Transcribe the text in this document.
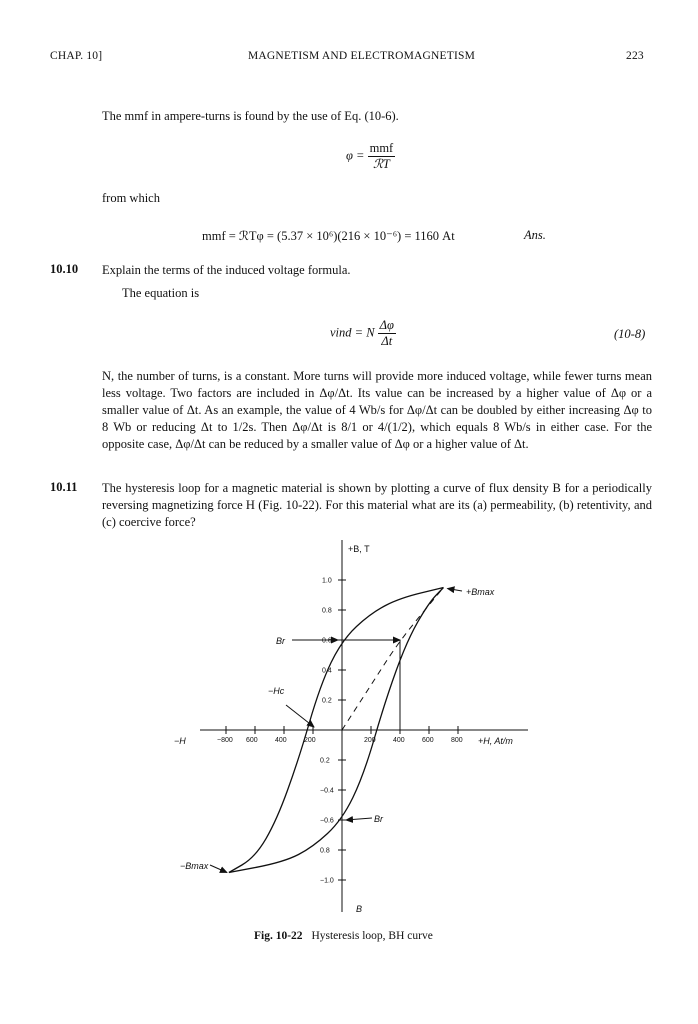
CHAP. 10]	MAGNETISM AND ELECTROMAGNETISM	223
The mmf in ampere-turns is found by the use of Eq. (10-6).
$\varphi = \frac{\text{mmf}}{\text{ℛT}}$
from which
mmf = ℛTφ = (5.37 × 10⁶)(216 × 10⁻⁶) = 1160 At	Ans.
10.10 Explain the terms of the induced voltage formula.
The equation is
vind = N $\frac{\Delta\varphi}{\Delta t}$	(10-8)
N, the number of turns, is a constant. More turns will provide more induced voltage, while fewer turns mean less voltage. Two factors are included in Δφ/Δt. Its value can be increased by a higher value of Δφ or a smaller value of Δt. As an example, the value of 4 Wb/s for Δφ/Δt can be doubled by either increasing Δφ to 8 Wb or reducing Δt to 1/2s. Then Δφ/Δt is 8/1 or 4/(1/2), which equals 8 Wb/s in either case. For the opposite case, Δφ/Δt can be reduced by a smaller value of Δφ or a higher value of Δt.
10.11 The hysteresis loop for a magnetic material is shown by plotting a curve of flux density B for a periodically reversing magnetizing force H (Fig. 10-22). For this material what are its (a) permeability, (b) retentivity, and (c) coercive force?
1.0
0.8
0.6
0.4
0.2
0.2
−0.4
−0.6
0.8
−1.0
200 400 600 800
−800 600 400 200
+B, T
B
+H, At/m
−H
+Bmax
−Bmax
Br
Br
−Hc
Fig. 10-22 Hysteresis loop, BH curve
